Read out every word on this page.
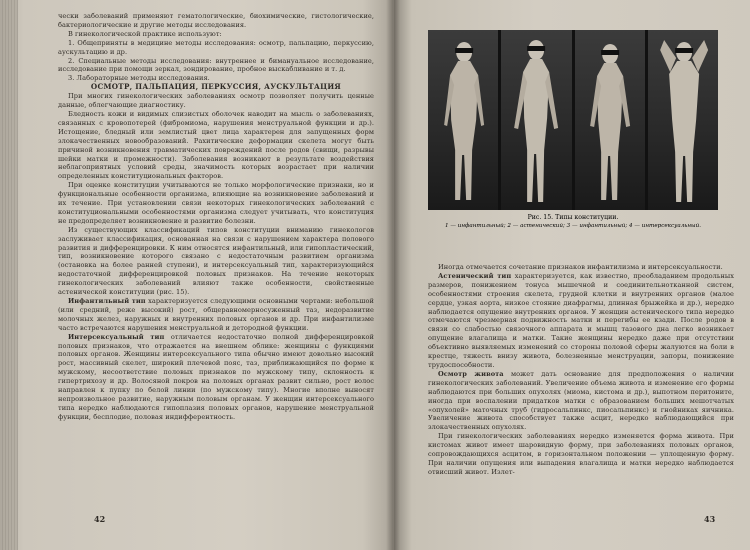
чески заболеваний применяют гематологические, биохимические, гистологические, бактериологические и другие методы исследования.

В гинекологической практике используют:

1. Общеприняты в медицине методы исследования: осмотр, пальпацию, перкуссию, аускультацию и др.

2. Специальные методы исследования: внутреннее и бимануальное исследование, исследование при помощи зеркал, зондирование, пробное выскабливание и т. д.

3. Лабораторные методы исследования.

ОСМОТР, ПАЛЬПАЦИЯ, ПЕРКУССИЯ, АУСКУЛЬТАЦИЯ

При многих гинекологических заболеваниях осмотр позволяет получить ценные данные, облегчающие диагностику.

Бледность кожи и видимых слизистых оболочек наводит на мысль о заболеваниях, связанных с кровопотерей (фибромиома, нарушения менструальной функции и др.). Истощение, бледный или землистый цвет лица характерен для запущенных форм злокачественных новообразований. Рахитические деформации скелета могут быть причиной возникновения травматических повреждений после родов (свищи, разрывы шейки матки и промежности). Заболевания возникают в результате воздействия неблагоприятных условий среды, значимость которых возрастает при наличии определенных конституциональных факторов.

При оценке конституции учитываются не только морфологические признаки, но и функциональные особенности организма, влияющие на возникновение заболеваний и их течение. При установлении связи некоторых гинекологических заболеваний с конституциональными особенностями организма следует учитывать, что конституция не предопределяет возникновение и развитие болезни.

Из существующих классификаций типов конституции вниманию гинекологов заслуживает классификация, основанная на связи с нарушением характера полового развития и дифференцировки. К ним относятся инфантильный, или гипопластический, тип, возникновение которого связано с недостаточным развитием организма (остановка на более ранней ступени), и интерсексуальный тип, характеризующийся недостаточной дифференцировкой половых признаков. На течение некоторых гинекологических заболеваний влияют также особенности, свойственные астенической конституции (рис. 15).

Инфантильный тип характеризуется следующими основными чертами: небольшой (или средний, реже высокий) рост, общеравномерносуженный таз, недоразвитие молочных желез, наружных и внутренних половых органов и др. При инфантилизме часто встречаются нарушения менструальной и детородной функции.

Интерсексуальный тип отличается недостаточно полной дифференцировкой половых признаков, что отражается на внешнем облике: женщины с функциями половых органов. Женщины интерсексуального типа обычно имеют довольно высокий рост, массивный скелет, широкий плечевой пояс, таз, приближающийся по форме к мужскому, несоответствие половых признаков по мужскому типу, склонность к гипертрихозу и др. Волосяной покров на половых органах развит сильно, рост волос направлен к пупку по белой линии (по мужскому типу). Многие вполне выносят непроизвольное развитие, наружным половым органам. У женщин интерсексуального типа нередко наблюдаются гипоплазия половых органов, нарушение менструальной функции, бесплодие, половая индифферентность.

42

Иногда отмечается сочетание признаков инфантилизма и интерсексуальности.

Астенический тип характеризуется, как известно, преобладанием продольных размеров, понижением тонуса мышечной и соединительнотканной систем, особенностями строения скелета, грудной клетки и внутренних органов (малое сердце, узкая аорта, низкое стояние диафрагмы, длинная брыжейка и др.), нередко наблюдается опущение внутренних органов. У женщин астенического типа нередко отмечаются чрезмерная подвижность матки и перегибы ее кзади. После родов в связи со слабостью связочного аппарата и мышц тазового дна легко возникает опущение влагалища и матки. Такие женщины нередко даже при отсутствии объективно выявляемых изменений со стороны половой сферы жалуются на боли в крестце, тяжесть внизу живота, болезненные менструации, запоры, понижение трудоспособности.

Осмотр живота может дать основание для предположения о наличии гинекологических заболеваний. Увеличение объема живота и изменение его формы наблюдаются при больших опухолях (миома, кистома и др.), выпотном перитоните, иногда при воспалении придатков матки с образованием больших мешотчатых «опухолей» маточных труб (гидросальпинкс, пиосальпинкс) и гнойниках яичника. Увеличение живота способствует также асцит, нередко наблюдающийся при злокачественных опухолях.

При гинекологических заболеваниях нередко изменяется форма живота. При кистомах живот имеет шаровидную форму, при заболеваниях половых органов, сопровождающихся асцитом, в горизонтальном положении — уплощенную форму. При наличии опущения или выпадения влагалища и матки нередко наблюдается отвисший живот. Излет-

43
Рис. 15. Типы конституции.
1 — инфантильный; 2 — астенический; 3 — инфантильный; 4 — интерсексуальный.
